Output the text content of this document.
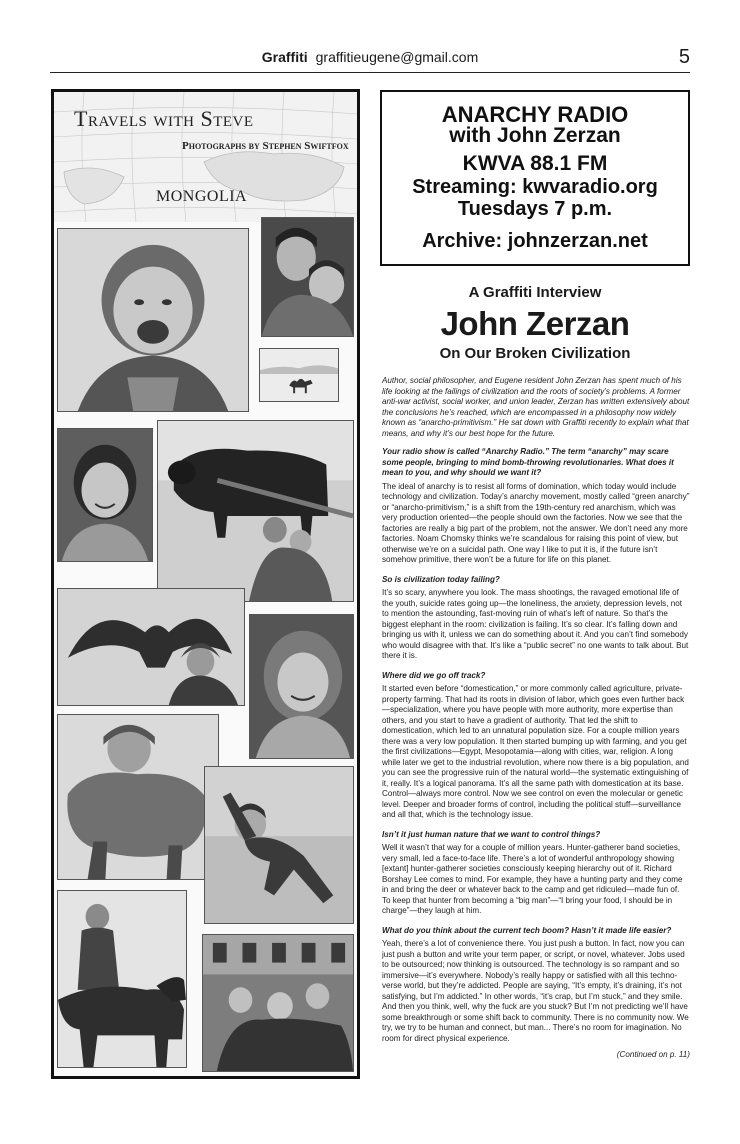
Graffiti graffitieugene@gmail.com	5
Travels with Steve
Photographs by Stephen Swiftfox
MONGOLIA
ANARCHY RADIO
with John Zerzan
KWVA 88.1 FM
Streaming: kwvaradio.org
Tuesdays 7 p.m.
Archive: johnzerzan.net
A Graffiti Interview
John Zerzan
On Our Broken Civilization

Author, social philosopher, and Eugene resident John Zerzan has spent much of his life looking at the failings of civilization and the roots of society’s problems. A former anti-war activist, social worker, and union leader, Zerzan has written extensively about the conclusions he’s reached, which are encompassed in a philosophy now widely known as “anarcho-primitivism.” He sat down with Graffiti recently to explain what that means, and why it’s our best hope for the future.

Your radio show is called “Anarchy Radio.” The term “anarchy” may scare some people, bringing to mind bomb-throwing revolutionaries. What does it mean to you, and why should we want it?

The ideal of anarchy is to resist all forms of domination, which today would include technology and civilization. Today’s anarchy movement, mostly called “green anarchy” or “anarcho-primitivism,” is a shift from the 19th-century red anarchism, which was very production oriented—the people should own the factories. Now we see that the factories are really a big part of the problem, not the answer. We don’t need any more factories. Noam Chomsky thinks we’re scandalous for raising this point of view, but otherwise we’re on a suicidal path. One way I like to put it is, if the future isn’t somehow primitive, there won’t be a future for life on this planet.

So is civilization today failing?

It’s so scary, anywhere you look. The mass shootings, the ravaged emotional life of the youth, suicide rates going up—the loneliness, the anxiety, depression levels, not to mention the astounding, fast-moving ruin of what’s left of nature. So that’s the biggest elephant in the room: civilization is failing. It’s so clear. It’s falling down and bringing us with it, unless we can do something about it. And you can’t find somebody who would disagree with that. It’s like a “public secret” no one wants to talk about. But there it is.

Where did we go off track?

It started even before “domestication,” or more commonly called agriculture, private-property farming. That had its roots in division of labor, which goes even further back—specialization, where you have people with more authority, more expertise than others, and you start to have a gradient of authority. That led the shift to domestication, which led to an unnatural population size. For a couple million years there was a very low population. It then started bumping up with farming, and you get the first civilizations—Egypt, Mesopotamia—along with cities, war, religion. A long while later we get to the industrial revolution, where now there is a big population, and you can see the progressive ruin of the natural world—the systematic extinguishing of it, really. It’s a logical panorama. It’s all the same path with domestication at its base. Control—always more control. Now we see control on even the molecular or genetic level. Deeper and broader forms of control, including the political stuff—surveillance and all that, which is the technology issue.

Isn’t it just human nature that we want to control things?

Well it wasn’t that way for a couple of million years. Hunter-gatherer band societies, very small, led a face-to-face life. There’s a lot of wonderful anthropology showing [extant] hunter-gatherer societies consciously keeping hierarchy out of it. Richard Borshay Lee comes to mind. For example, they have a hunting party and they come in and bring the deer or whatever back to the camp and get ridiculed—made fun of. To keep that hunter from becoming a “big man”—“I bring your food, I should be in charge”—they laugh at him.

What do you think about the current tech boom? Hasn’t it made life easier?

Yeah, there’s a lot of convenience there. You just push a button. In fact, now you can just push a button and write your term paper, or script, or novel, whatever. Jobs used to be outsourced; now thinking is outsourced. The technology is so rampant and so immersive—it’s everywhere. Nobody’s really happy or satisfied with all this techno-verse world, but they’re addicted. People are saying, “It’s empty, it’s draining, it’s not satisfying, but I’m addicted.” In other words, “it’s crap, but I’m stuck,” and they smile. And then you think, well, why the fuck are you stuck? But I’m not predicting we’ll have some breakthrough or some shift back to community. There is no community now. We try, we try to be human and connect, but man... There’s no room for imagination. No room for direct physical experience.

(Continued on p. 11)
